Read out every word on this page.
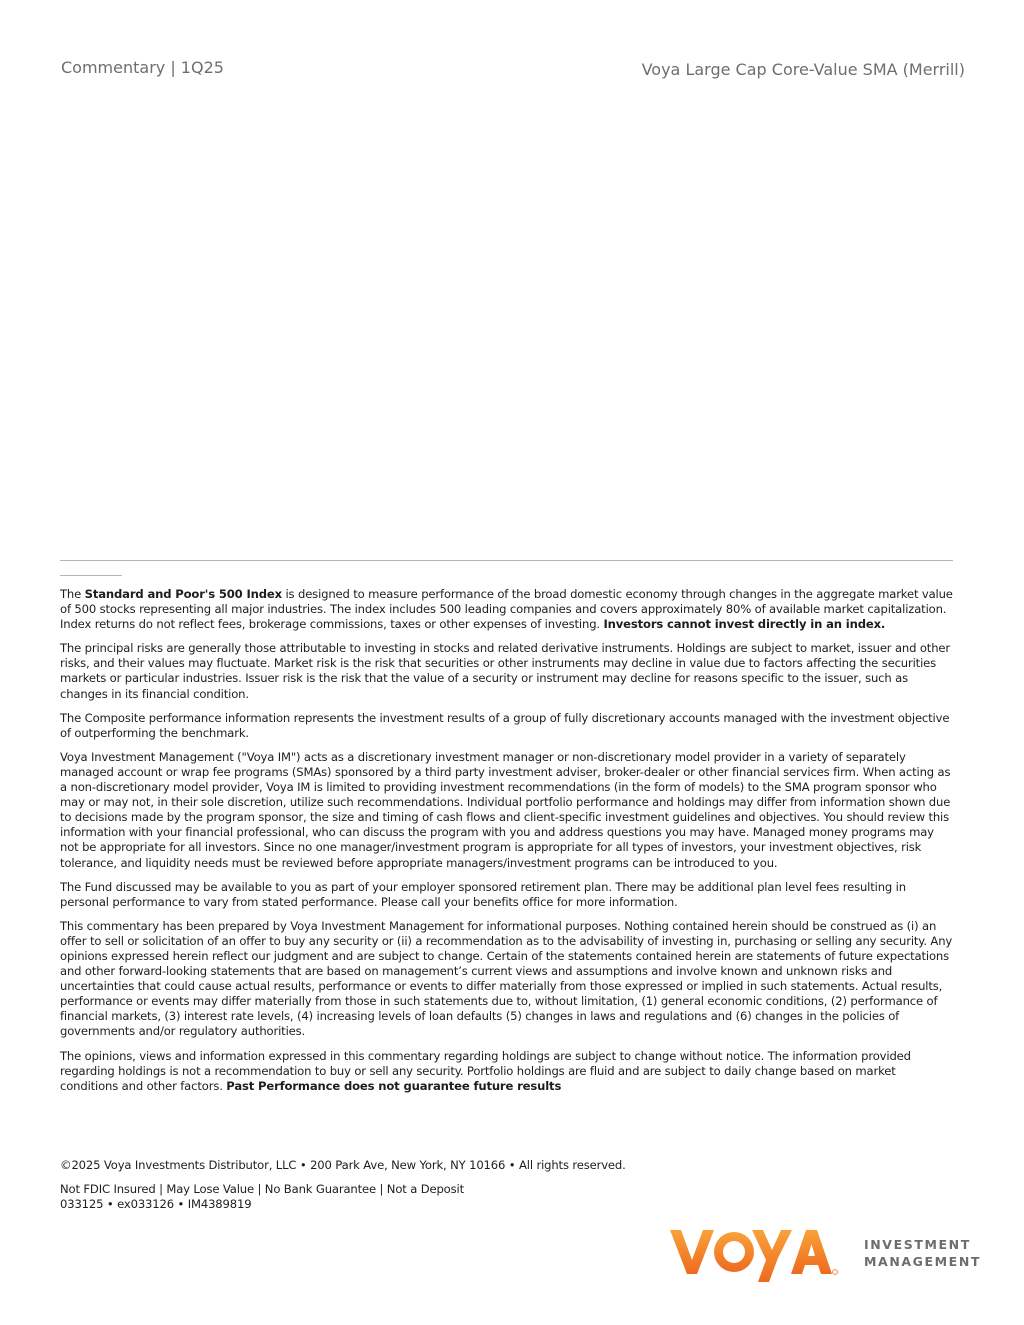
Commentary | 1Q25	Voya Large Cap Core-Value SMA (Merrill)

The Standard and Poor's 500 Index is designed to measure performance of the broad domestic economy through changes in the aggregate market value of 500 stocks representing all major industries. The index includes 500 leading companies and covers approximately 80% of available market capitalization. Index returns do not reflect fees, brokerage commissions, taxes or other expenses of investing. Investors cannot invest directly in an index.

The principal risks are generally those attributable to investing in stocks and related derivative instruments. Holdings are subject to market, issuer and other risks, and their values may fluctuate. Market risk is the risk that securities or other instruments may decline in value due to factors affecting the securities markets or particular industries. Issuer risk is the risk that the value of a security or instrument may decline for reasons specific to the issuer, such as changes in its financial condition.

The Composite performance information represents the investment results of a group of fully discretionary accounts managed with the investment objective of outperforming the benchmark.

Voya Investment Management ("Voya IM") acts as a discretionary investment manager or non-discretionary model provider in a variety of separately managed account or wrap fee programs (SMAs) sponsored by a third party investment adviser, broker-dealer or other financial services firm. When acting as a non-discretionary model provider, Voya IM is limited to providing investment recommendations (in the form of models) to the SMA program sponsor who may or may not, in their sole discretion, utilize such recommendations. Individual portfolio performance and holdings may differ from information shown due to decisions made by the program sponsor, the size and timing of cash flows and client-specific investment guidelines and objectives. You should review this information with your financial professional, who can discuss the program with you and address questions you may have. Managed money programs may not be appropriate for all investors. Since no one manager/investment program is appropriate for all types of investors, your investment objectives, risk tolerance, and liquidity needs must be reviewed before appropriate managers/investment programs can be introduced to you.

The Fund discussed may be available to you as part of your employer sponsored retirement plan. There may be additional plan level fees resulting in personal performance to vary from stated performance. Please call your benefits office for more information.

This commentary has been prepared by Voya Investment Management for informational purposes. Nothing contained herein should be construed as (i) an offer to sell or solicitation of an offer to buy any security or (ii) a recommendation as to the advisability of investing in, purchasing or selling any security. Any opinions expressed herein reflect our judgment and are subject to change. Certain of the statements contained herein are statements of future expectations and other forward-looking statements that are based on management’s current views and assumptions and involve known and unknown risks and uncertainties that could cause actual results, performance or events to differ materially from those expressed or implied in such statements. Actual results, performance or events may differ materially from those in such statements due to, without limitation, (1) general economic conditions, (2) performance of financial markets, (3) interest rate levels, (4) increasing levels of loan defaults (5) changes in laws and regulations and (6) changes in the policies of governments and/or regulatory authorities.

The opinions, views and information expressed in this commentary regarding holdings are subject to change without notice. The information provided regarding holdings is not a recommendation to buy or sell any security. Portfolio holdings are fluid and are subject to daily change based on market conditions and other factors. Past Performance does not guarantee future results

©2025 Voya Investments Distributor, LLC • 200 Park Ave, New York, NY 10166 • All rights reserved.

Not FDIC Insured | May Lose Value | No Bank Guarantee | Not a Deposit
033125 • ex033126 • IM4389819
INVESTMENT
MANAGEMENT
